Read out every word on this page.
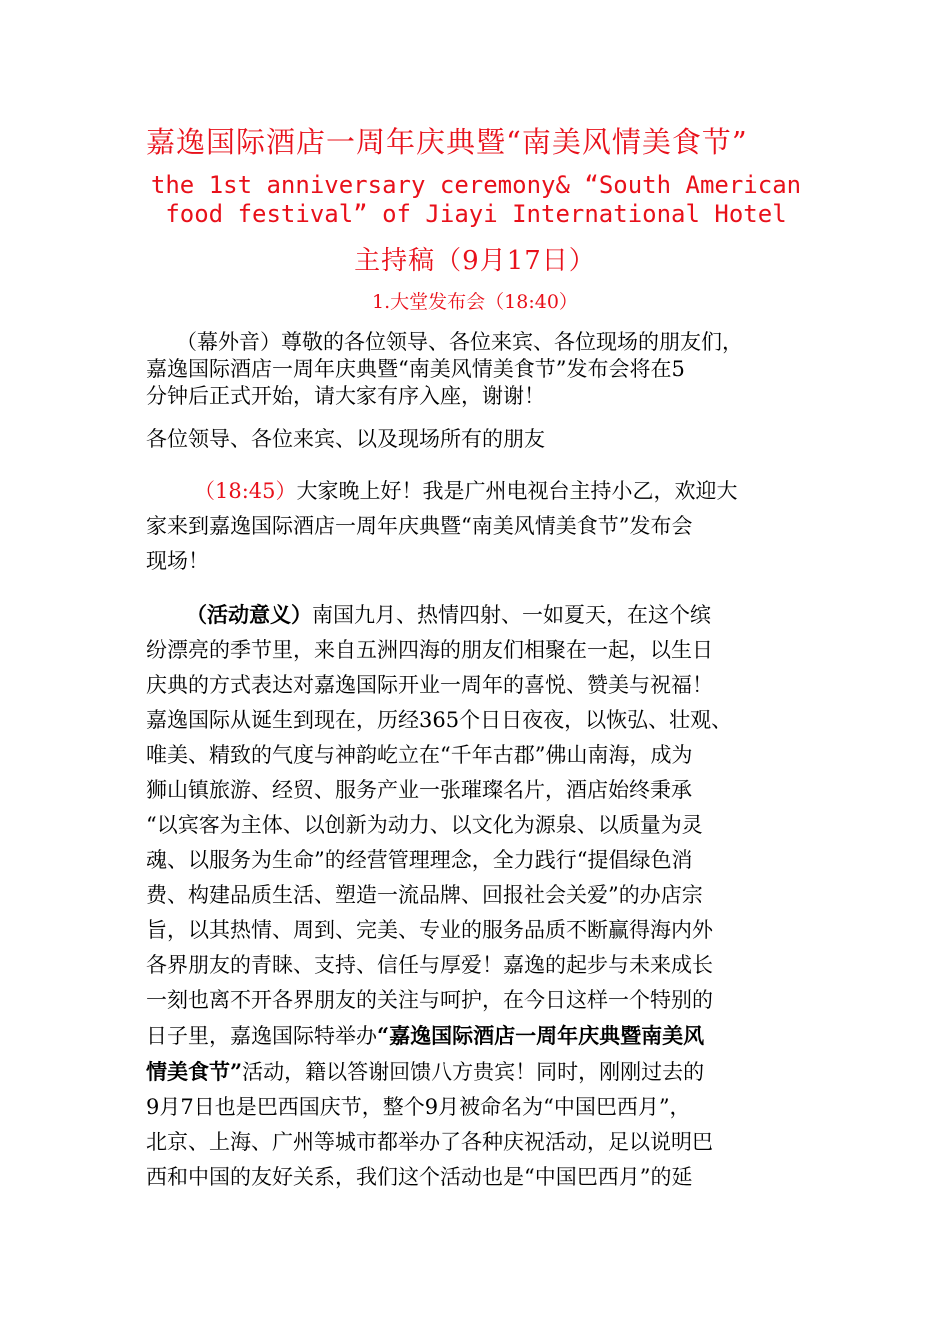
嘉逸国际酒店一周年庆典暨“南美风情美食节”
the 1st anniversary ceremony& “South American
food festival” of Jiayi International Hotel
主持稿（9月17日）
1.大堂发布会（18:40）
（幕外音）尊敬的各位领导、各位来宾、各位现场的朋友们，
嘉逸国际酒店一周年庆典暨“南美风情美食节”发布会将在5
分钟后正式开始，请大家有序入座，谢谢！
各位领导、各位来宾、以及现场所有的朋友
（18:45）大家晚上好！我是广州电视台主持小乙，欢迎大
家来到嘉逸国际酒店一周年庆典暨“南美风情美食节”发布会
现场！
（活动意义）南国九月、热情四射、一如夏天，在这个缤
纷漂亮的季节里，来自五洲四海的朋友们相聚在一起，以生日
庆典的方式表达对嘉逸国际开业一周年的喜悦、赞美与祝福！
嘉逸国际从诞生到现在，历经365个日日夜夜，以恢弘、壮观、
唯美、精致的气度与神韵屹立在“千年古郡”佛山南海，成为
狮山镇旅游、经贸、服务产业一张璀璨名片，酒店始终秉承
“以宾客为主体、以创新为动力、以文化为源泉、以质量为灵
魂、以服务为生命”的经营管理理念，全力践行“提倡绿色消
费、构建品质生活、塑造一流品牌、回报社会关爱”的办店宗
旨，以其热情、周到、完美、专业的服务品质不断赢得海内外
各界朋友的青睐、支持、信任与厚爱！嘉逸的起步与未来成长
一刻也离不开各界朋友的关注与呵护，在今日这样一个特别的
日子里，嘉逸国际特举办“嘉逸国际酒店一周年庆典暨南美风
情美食节”活动，籍以答谢回馈八方贵宾！同时，刚刚过去的
9月7日也是巴西国庆节，整个9月被命名为“中国巴西月”，
北京、上海、广州等城市都举办了各种庆祝活动，足以说明巴
西和中国的友好关系，我们这个活动也是“中国巴西月”的延
